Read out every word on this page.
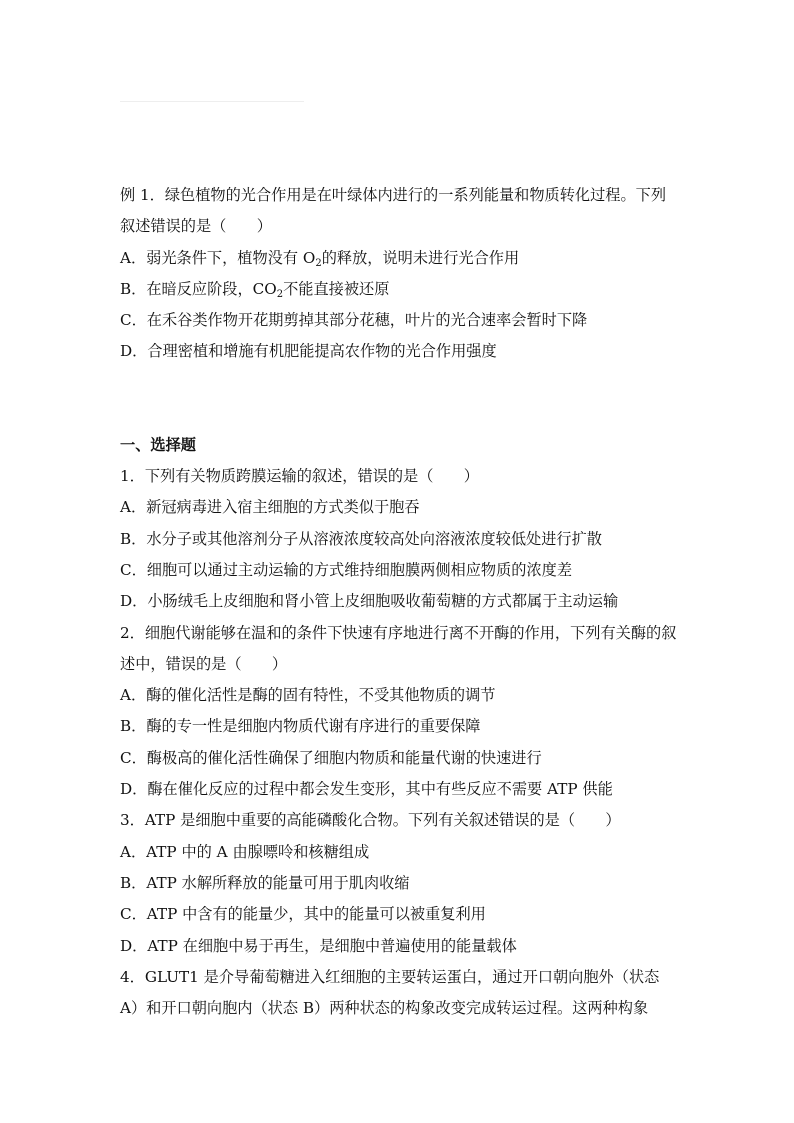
例 1．绿色植物的光合作用是在叶绿体内进行的一系列能量和物质转化过程。下列叙述错误的是（　　）

A．弱光条件下，植物没有 $O_2$的释放，说明未进行光合作用

B．在暗反应阶段，$CO_2$不能直接被还原

C．在禾谷类作物开花期剪掉其部分花穗，叶片的光合速率会暂时下降

D．合理密植和增施有机肥能提高农作物的光合作用强度

一、选择题

1．下列有关物质跨膜运输的叙述，错误的是（　　）

A．新冠病毒进入宿主细胞的方式类似于胞吞

B．水分子或其他溶剂分子从溶液浓度较高处向溶液浓度较低处进行扩散

C．细胞可以通过主动运输的方式维持细胞膜两侧相应物质的浓度差

D．小肠绒毛上皮细胞和肾小管上皮细胞吸收葡萄糖的方式都属于主动运输

2．细胞代谢能够在温和的条件下快速有序地进行离不开酶的作用，下列有关酶的叙述中，错误的是（　　）

A．酶的催化活性是酶的固有特性，不受其他物质的调节

B．酶的专一性是细胞内物质代谢有序进行的重要保障

C．酶极高的催化活性确保了细胞内物质和能量代谢的快速进行

D．酶在催化反应的过程中都会发生变形，其中有些反应不需要 ATP 供能

3．ATP 是细胞中重要的高能磷酸化合物。下列有关叙述错误的是（　　）

A．ATP 中的 A 由腺嘌呤和核糖组成

B．ATP 水解所释放的能量可用于肌肉收缩

C．ATP 中含有的能量少，其中的能量可以被重复利用

D．ATP 在细胞中易于再生，是细胞中普遍使用的能量载体

4．GLUT1 是介导葡萄糖进入红细胞的主要转运蛋白，通过开口朝向胞外（状态 A）和开口朝向胞内（状态 B）两种状态的构象改变完成转运过程。这两种构象
